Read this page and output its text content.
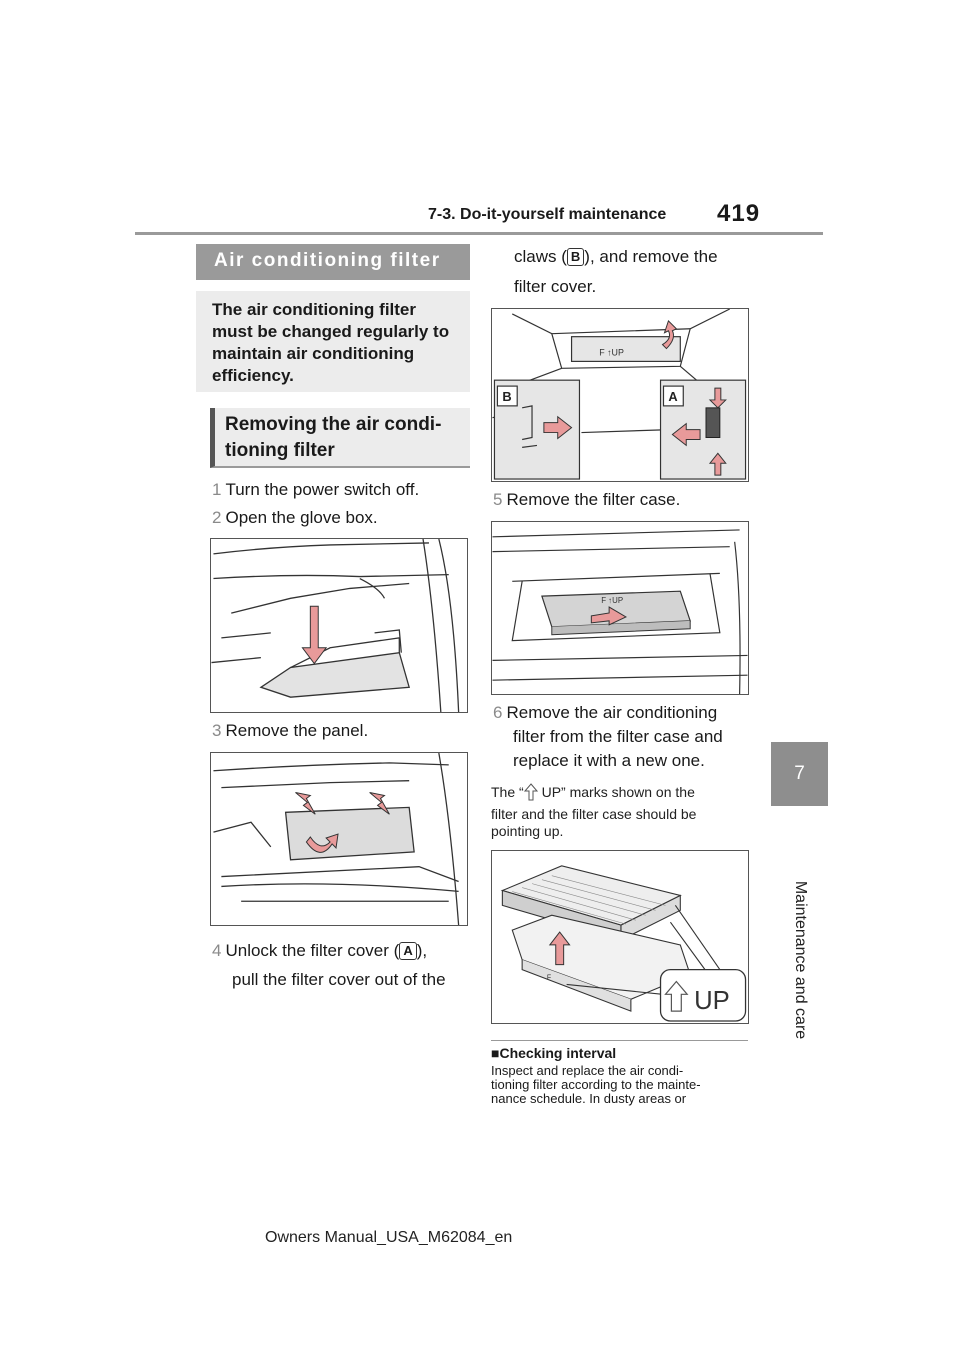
7-3. Do-it-yourself maintenance 419
7
Maintenance and care
Air conditioning filter
The air conditioning filter must be changed regularly to maintain air conditioning efficiency.
Removing the air condi-
tioning filter
1 Turn the power switch off.
2 Open the glove box.
3 Remove the panel.
4 Unlock the filter cover ( A ),
pull the filter cover out of the
claws ( B ), and remove the
filter cover.
F ↑UP
B	A
5 Remove the filter case.
F ↑UP
6 Remove the air conditioning
filter from the filter case and
replace it with a new one.
The “ UP” marks shown on the
filter and the filter case should be
pointing up.
F
UP
■Checking interval
Inspect and replace the air condi-
tioning filter according to the mainte-
nance schedule. In dusty areas or
Owners Manual_USA_M62084_en
